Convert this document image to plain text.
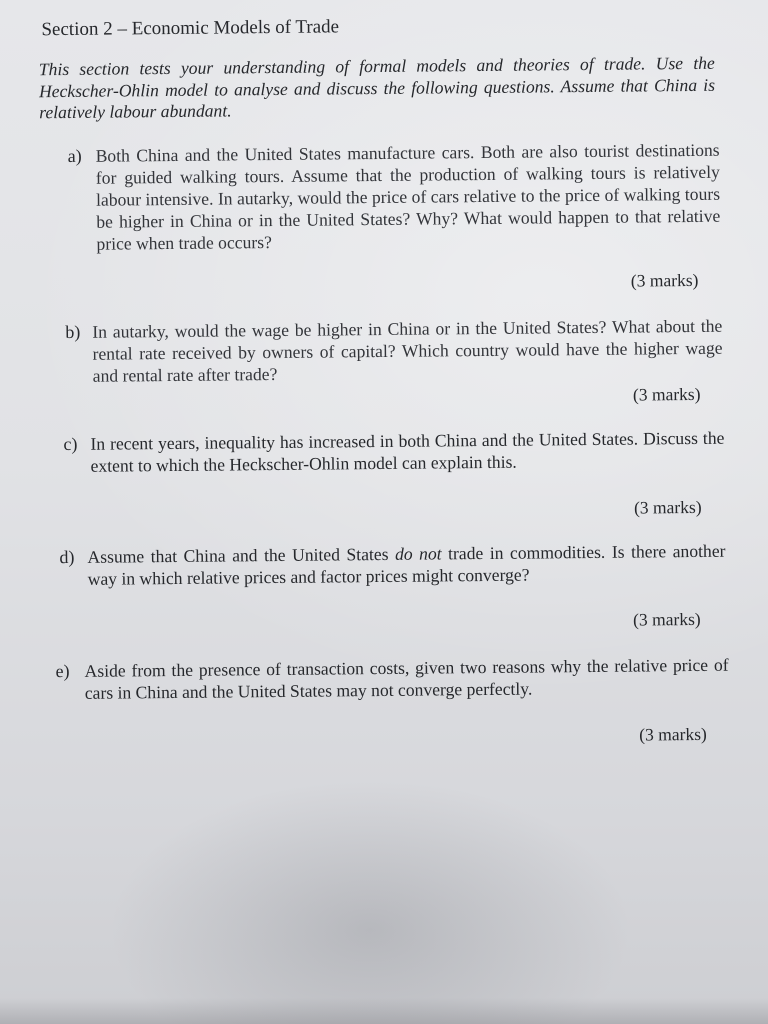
Section 2 – Economic Models of Trade

This section tests your understanding of formal models and theories of trade. Use the Heckscher-Ohlin model to analyse and discuss the following questions. Assume that China is relatively labour abundant.

a) Both China and the United States manufacture cars. Both are also tourist destinations for guided walking tours. Assume that the production of walking tours is relatively labour intensive. In autarky, would the price of cars relative to the price of walking tours be higher in China or in the United States? Why? What would happen to that relative price when trade occurs?

(3 marks)
b) In autarky, would the wage be higher in China or in the United States? What about the rental rate received by owners of capital? Which country would have the higher wage and rental rate after trade?

(3 marks)
c) In recent years, inequality has increased in both China and the United States. Discuss the extent to which the Heckscher-Ohlin model can explain this.

(3 marks)
d) Assume that China and the United States do not trade in commodities. Is there another way in which relative prices and factor prices might converge?

(3 marks)
e) Aside from the presence of transaction costs, given two reasons why the relative price of cars in China and the United States may not converge perfectly.

(3 marks)
